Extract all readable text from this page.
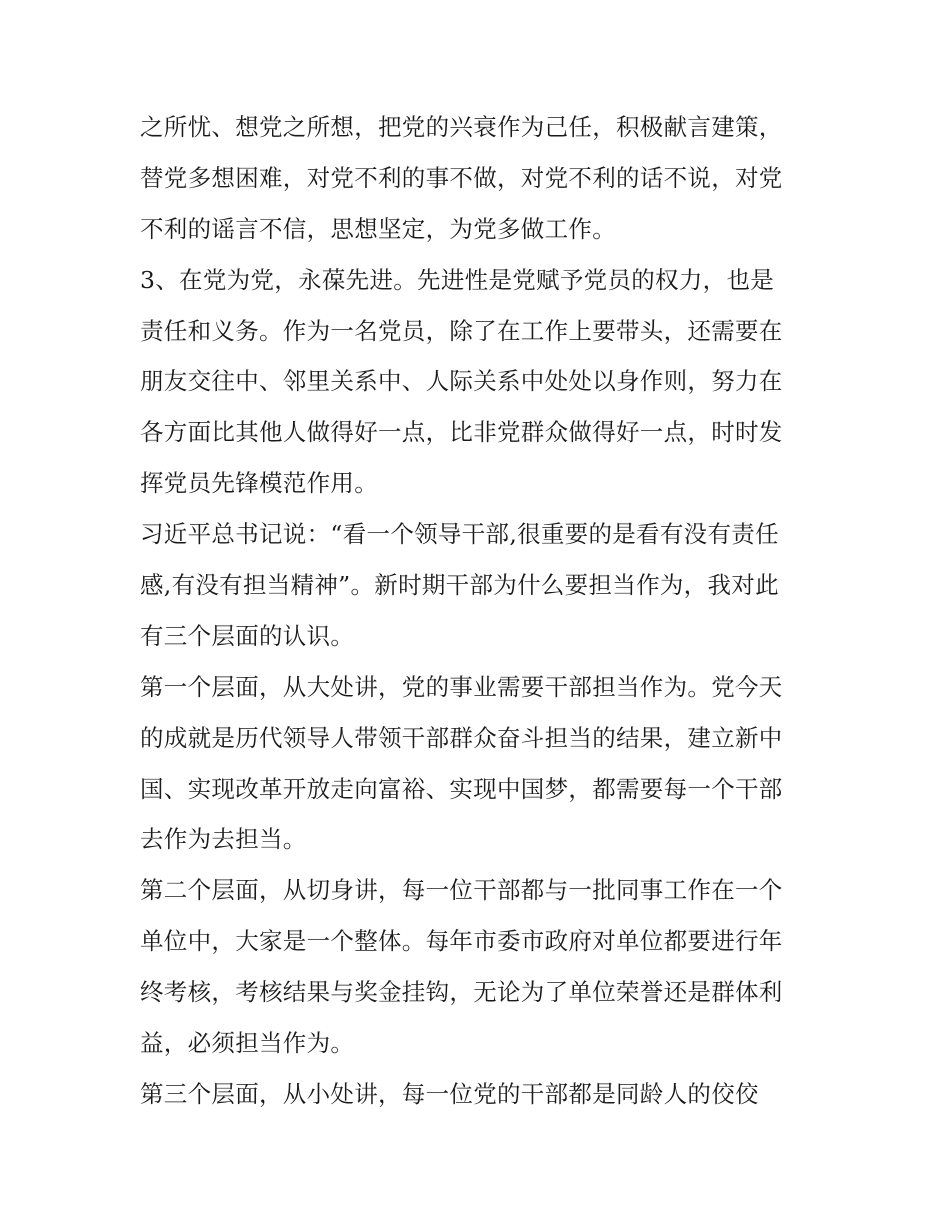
之所忧、想党之所想，把党的兴衰作为己任，积极献言建策，
替党多想困难，对党不利的事不做，对党不利的话不说，对党
不利的谣言不信，思想坚定，为党多做工作。
3、在党为党，永葆先进。先进性是党赋予党员的权力，也是
责任和义务。作为一名党员，除了在工作上要带头，还需要在
朋友交往中、邻里关系中、人际关系中处处以身作则，努力在
各方面比其他人做得好一点，比非党群众做得好一点，时时发
挥党员先锋模范作用。
习近平总书记说：“看一个领导干部,很重要的是看有没有责任
感,有没有担当精神”。新时期干部为什么要担当作为，我对此
有三个层面的认识。
第一个层面，从大处讲，党的事业需要干部担当作为。党今天
的成就是历代领导人带领干部群众奋斗担当的结果，建立新中
国、实现改革开放走向富裕、实现中国梦，都需要每一个干部
去作为去担当。
第二个层面，从切身讲，每一位干部都与一批同事工作在一个
单位中，大家是一个整体。每年市委市政府对单位都要进行年
终考核，考核结果与奖金挂钩，无论为了单位荣誉还是群体利
益，必须担当作为。
第三个层面，从小处讲，每一位党的干部都是同龄人的佼佼
